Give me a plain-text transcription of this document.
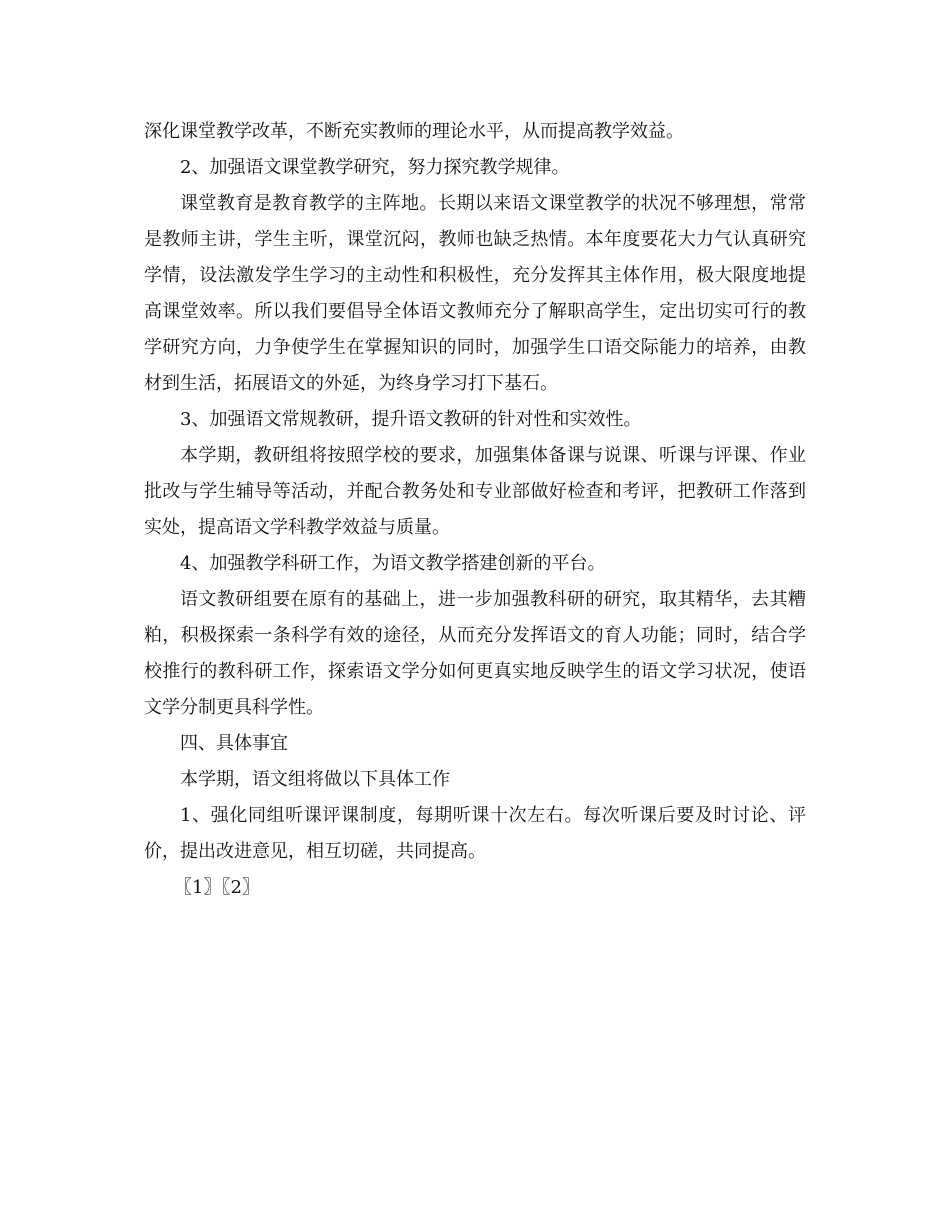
深化课堂教学改革，不断充实教师的理论水平，从而提高教学效益。

2、加强语文课堂教学研究，努力探究教学规律。

课堂教育是教育教学的主阵地。长期以来语文课堂教学的状况不够理想，常常是教师主讲，学生主听，课堂沉闷，教师也缺乏热情。本年度要花大力气认真研究学情，设法激发学生学习的主动性和积极性，充分发挥其主体作用，极大限度地提高课堂效率。所以我们要倡导全体语文教师充分了解职高学生，定出切实可行的教学研究方向，力争使学生在掌握知识的同时，加强学生口语交际能力的培养，由教材到生活，拓展语文的外延，为终身学习打下基石。

3、加强语文常规教研，提升语文教研的针对性和实效性。

本学期，教研组将按照学校的要求，加强集体备课与说课、听课与评课、作业批改与学生辅导等活动，并配合教务处和专业部做好检查和考评，把教研工作落到实处，提高语文学科教学效益与质量。

4、加强教学科研工作，为语文教学搭建创新的平台。

语文教研组要在原有的基础上，进一步加强教科研的研究，取其精华，去其糟粕，积极探索一条科学有效的途径，从而充分发挥语文的育人功能；同时，结合学校推行的教科研工作，探索语文学分如何更真实地反映学生的语文学习状况，使语文学分制更具科学性。

四、具体事宜

本学期，语文组将做以下具体工作

1、强化同组听课评课制度，每期听课十次左右。每次听课后要及时讨论、评价，提出改进意见，相互切磋，共同提高。

〖1〗〖2〗
